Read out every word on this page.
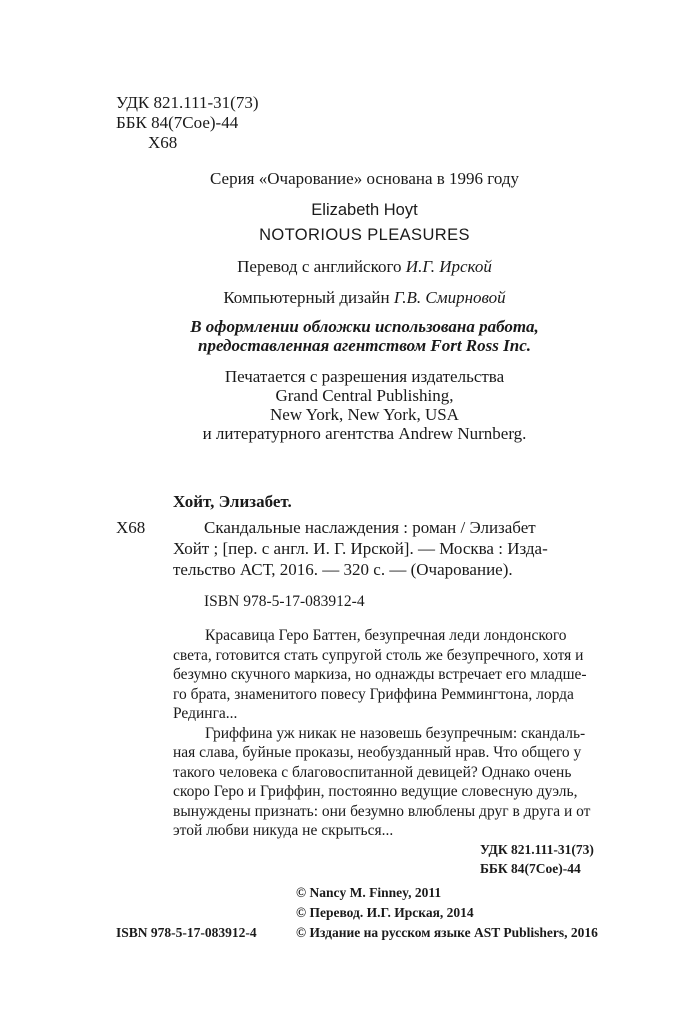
УДК 821.111-31(73)
ББК 84(7Сое)-44
Х68
Серия «Очарование» основана в 1996 году
Elizabeth Hoyt
NOTORIOUS PLEASURES
Перевод с английского И.Г. Ирской
Компьютерный дизайн Г.В. Смирновой
В оформлении обложки использована работа,
предоставленная агентством Fort Ross Inc.
Печатается с разрешения издательства
Grand Central Publishing,
New York, New York, USA
и литературного агентства Andrew Nurnberg.
Хойт, Элизабет.
Х68	Скандальные наслаждения : роман / Элизабет
Хойт ; [пер. с англ. И. Г. Ирской]. — Москва : Изда-
тельство АСТ, 2016. — 320 с. — (Очарование).
ISBN 978-5-17-083912-4
Красавица Геро Баттен, безупречная леди лондонского
света, готовится стать супругой столь же безупречного, хотя и
безумно скучного маркиза, но однажды встречает его младше-
го брата, знаменитого повесу Гриффина Реммингтона, лорда
Рединга...
Гриффина уж никак не назовешь безупречным: скандаль-
ная слава, буйные проказы, необузданный нрав. Что общего у
такого человека с благовоспитанной девицей? Однако очень
скоро Геро и Гриффин, постоянно ведущие словесную дуэль,
вынуждены признать: они безумно влюблены друг в друга и от
этой любви никуда не скрыться...
УДК 821.111-31(73)
ББК 84(7Сое)-44
© Nancy M. Finney, 2011
© Перевод. И.Г. Ирская, 2014
© Издание на русском языке AST Publishers, 2016
ISBN 978-5-17-083912-4
